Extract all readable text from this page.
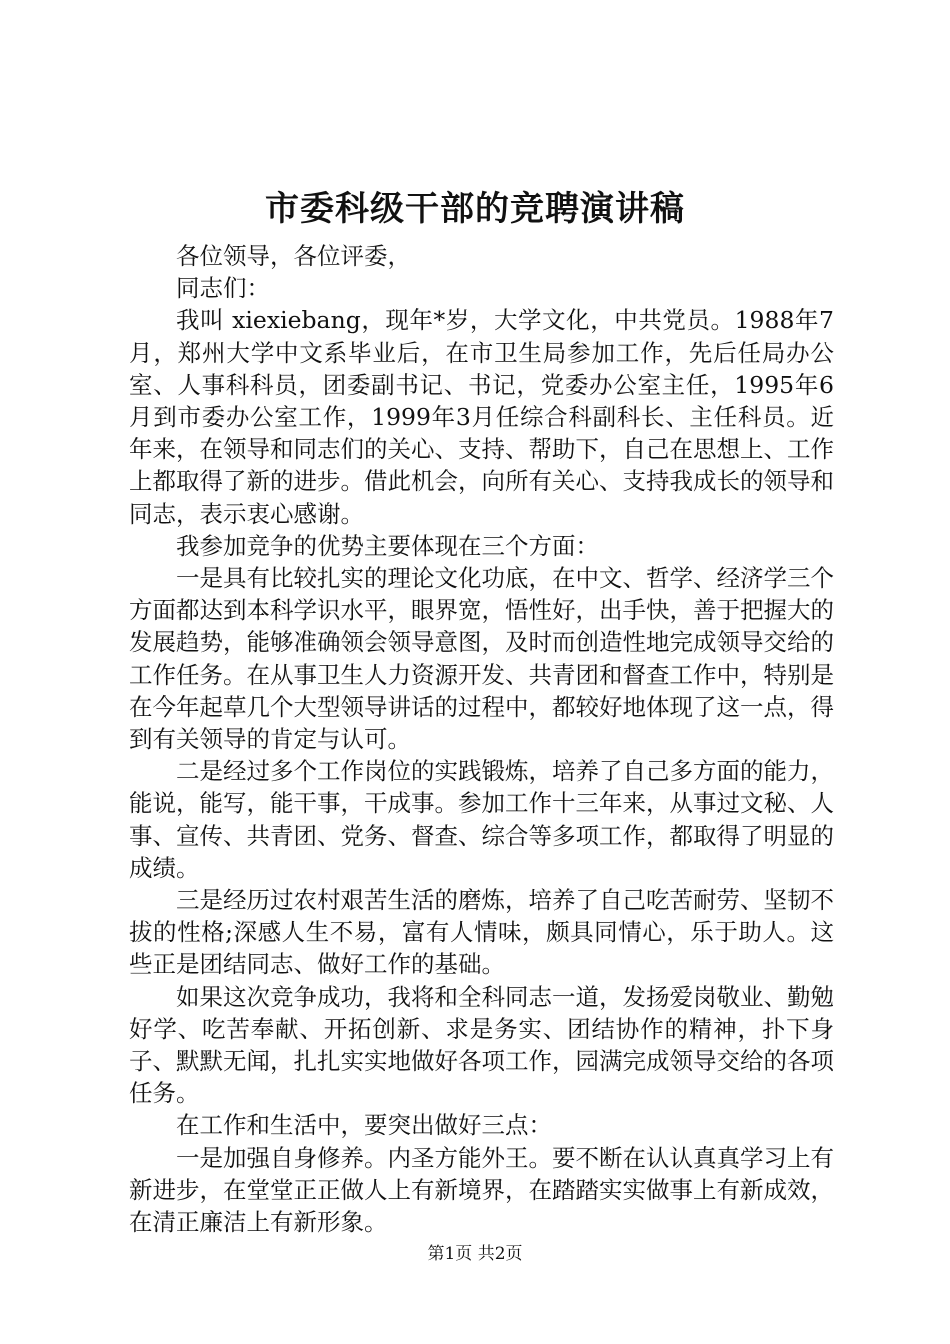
市委科级干部的竞聘演讲稿

各位领导，各位评委，

同志们：

我叫 xiexiebang，现年*岁，大学文化，中共党员。1988年7月，郑州大学中文系毕业后，在市卫生局参加工作，先后任局办公室、人事科科员，团委副书记、书记，党委办公室主任，1995年6月到市委办公室工作，1999年3月任综合科副科长、主任科员。近年来，在领导和同志们的关心、支持、帮助下，自己在思想上、工作上都取得了新的进步。借此机会，向所有关心、支持我成长的领导和同志，表示衷心感谢。

我参加竞争的优势主要体现在三个方面：

一是具有比较扎实的理论文化功底，在中文、哲学、经济学三个方面都达到本科学识水平，眼界宽，悟性好，出手快，善于把握大的发展趋势，能够准确领会领导意图，及时而创造性地完成领导交给的工作任务。在从事卫生人力资源开发、共青团和督查工作中，特别是在今年起草几个大型领导讲话的过程中，都较好地体现了这一点，得到有关领导的肯定与认可。

二是经过多个工作岗位的实践锻炼，培养了自己多方面的能力，能说，能写，能干事，干成事。参加工作十三年来，从事过文秘、人事、宣传、共青团、党务、督查、综合等多项工作，都取得了明显的成绩。

三是经历过农村艰苦生活的磨炼，培养了自己吃苦耐劳、坚韧不拔的性格;深感人生不易，富有人情味，颇具同情心，乐于助人。这些正是团结同志、做好工作的基础。

如果这次竞争成功，我将和全科同志一道，发扬爱岗敬业、勤勉好学、吃苦奉献、开拓创新、求是务实、团结协作的精神，扑下身子、默默无闻，扎扎实实地做好各项工作，园满完成领导交给的各项任务。

在工作和生活中，要突出做好三点：

一是加强自身修养。内圣方能外王。要不断在认认真真学习上有新进步，在堂堂正正做人上有新境界，在踏踏实实做事上有新成效，在清正廉洁上有新形象。

第1页 共2页
